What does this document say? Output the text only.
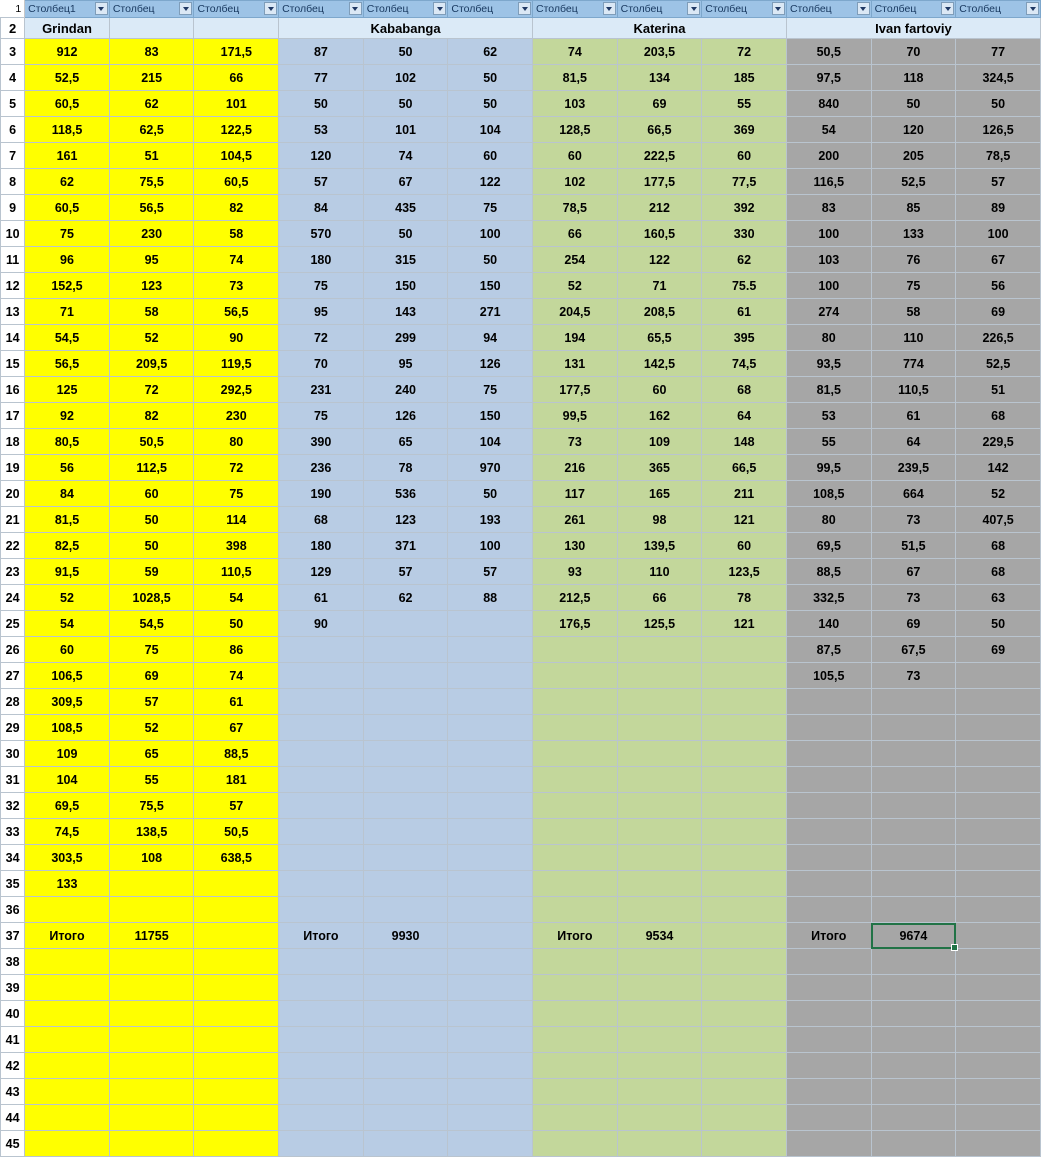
1	Столбец1	Столбец	Столбец	Столбец	Столбец	Столбец	Столбец	Столбец	Столбец	Столбец	Столбец	Столбец

2	Grindan			Kababanga			Katerina			Ivan fartoviy		
3	912	83	171,5	87	50	62	74	203,5	72	50,5	70	77
4	52,5	215	66	77	102	50	81,5	134	185	97,5	118	324,5
5	60,5	62	101	50	50	50	103	69	55	840	50	50
6	118,5	62,5	122,5	53	101	104	128,5	66,5	369	54	120	126,5
7	161	51	104,5	120	74	60	60	222,5	60	200	205	78,5
8	62	75,5	60,5	57	67	122	102	177,5	77,5	116,5	52,5	57
9	60,5	56,5	82	84	435	75	78,5	212	392	83	85	89
10	75	230	58	570	50	100	66	160,5	330	100	133	100
11	96	95	74	180	315	50	254	122	62	103	76	67
12	152,5	123	73	75	150	150	52	71	75.5	100	75	56
13	71	58	56,5	95	143	271	204,5	208,5	61	274	58	69
14	54,5	52	90	72	299	94	194	65,5	395	80	110	226,5
15	56,5	209,5	119,5	70	95	126	131	142,5	74,5	93,5	774	52,5
16	125	72	292,5	231	240	75	177,5	60	68	81,5	110,5	51
17	92	82	230	75	126	150	99,5	162	64	53	61	68
18	80,5	50,5	80	390	65	104	73	109	148	55	64	229,5
19	56	112,5	72	236	78	970	216	365	66,5	99,5	239,5	142
20	84	60	75	190	536	50	117	165	211	108,5	664	52
21	81,5	50	114	68	123	193	261	98	121	80	73	407,5
22	82,5	50	398	180	371	100	130	139,5	60	69,5	51,5	68
23	91,5	59	110,5	129	57	57	93	110	123,5	88,5	67	68
24	52	1028,5	54	61	62	88	212,5	66	78	332,5	73	63
25	54	54,5	50	90			176,5	125,5	121	140	69	50
26	60	75	86							87,5	67,5	69
27	106,5	69	74							105,5	73	
28	309,5	57	61									
29	108,5	52	67									
30	109	65	88,5									
31	104	55	181									
32	69,5	75,5	57									
33	74,5	138,5	50,5									
34	303,5	108	638,5									
35	133											
36												
37	Итого	11755		Итого	9930		Итого	9534		Итого	9674	
38												
39												
40												
41												
42												
43												
44												
45												
